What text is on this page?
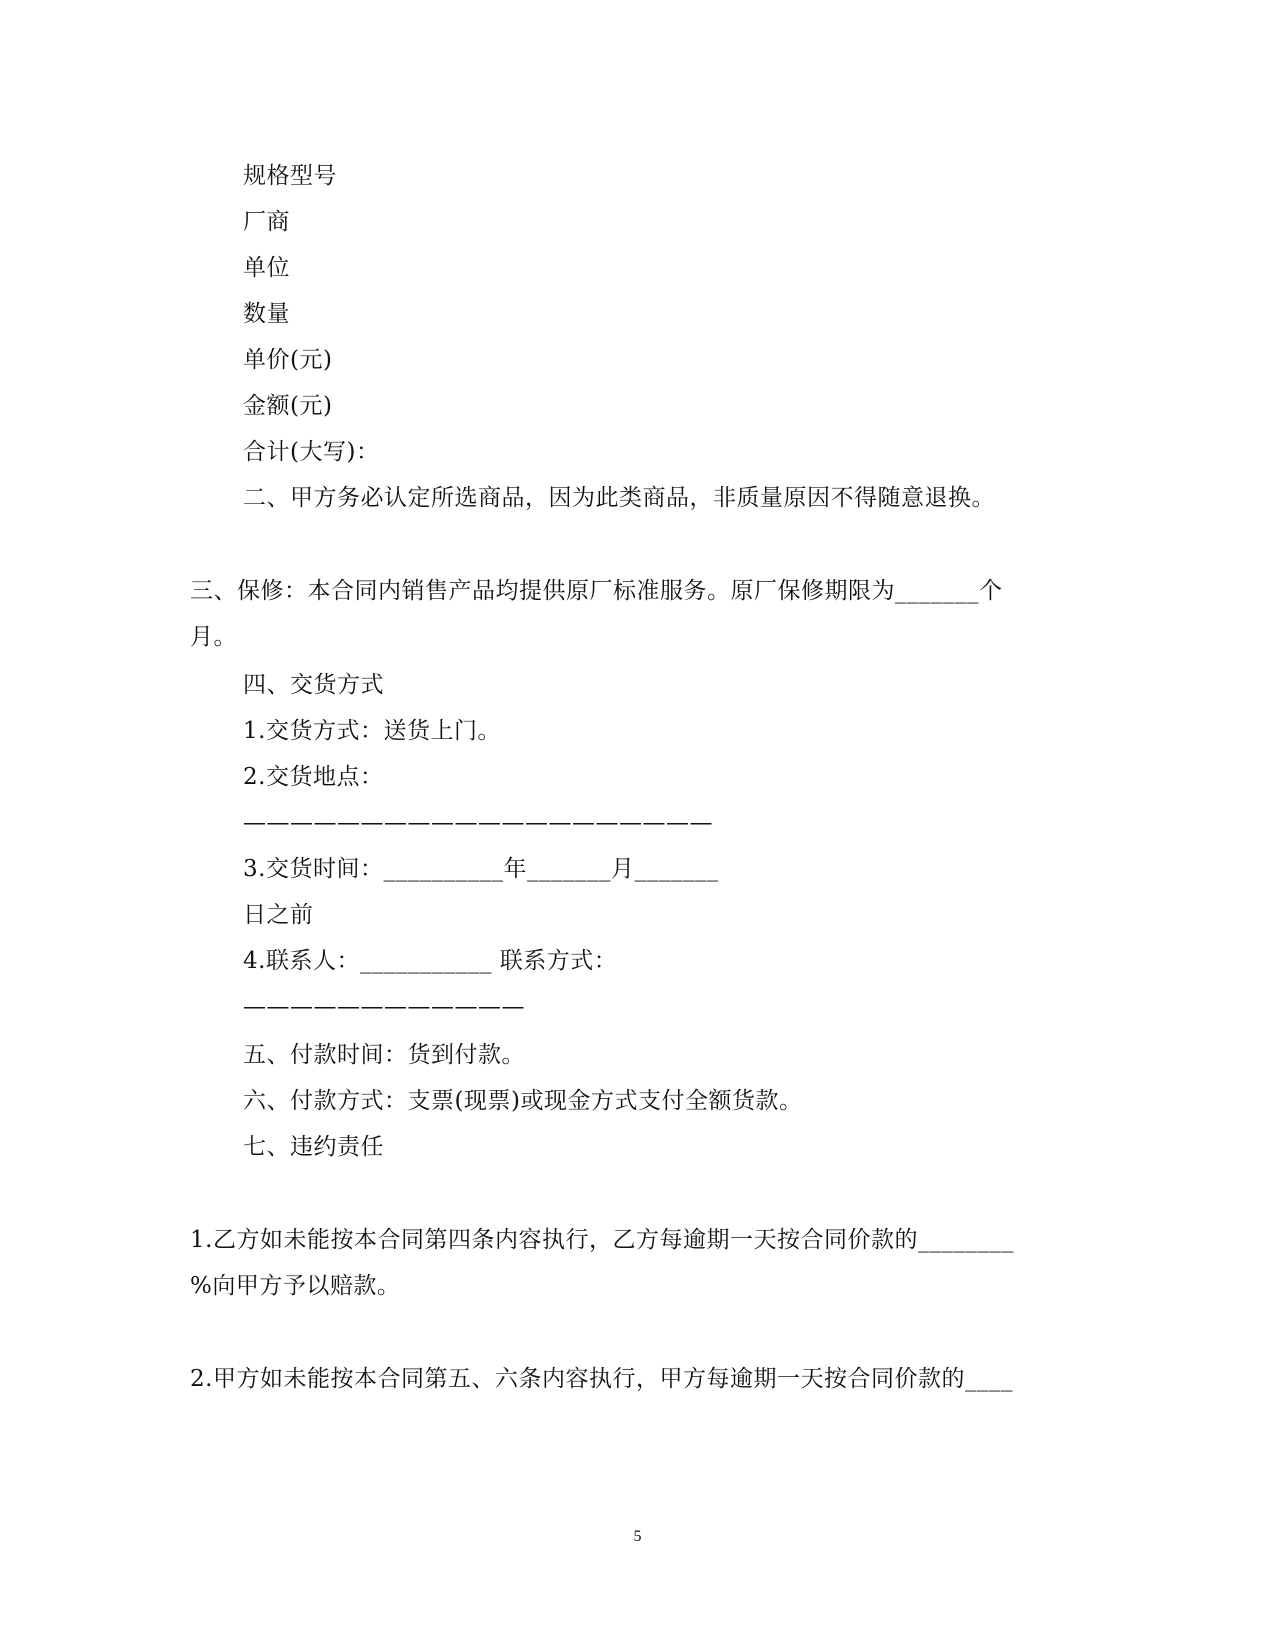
规格型号
厂商
单位
数量
单价(元)
金额(元)
合计(大写)：
二、甲方务必认定所选商品，因为此类商品，非质量原因不得随意退换。
三、保修：本合同内销售产品均提供原厂标准服务。原厂保修期限为_______个
月。
四、交货方式
1.交货方式：送货上门。
2.交货地点：
————————————————————
3.交货时间：__________年_______月_______
日之前
4.联系人：___________ 联系方式：
————————————
五、付款时间：货到付款。
六、付款方式：支票(现票)或现金方式支付全额货款。
七、违约责任
1.乙方如未能按本合同第四条内容执行，乙方每逾期一天按合同价款的________
%向甲方予以赔款。
2.甲方如未能按本合同第五、六条内容执行，甲方每逾期一天按合同价款的____
5
